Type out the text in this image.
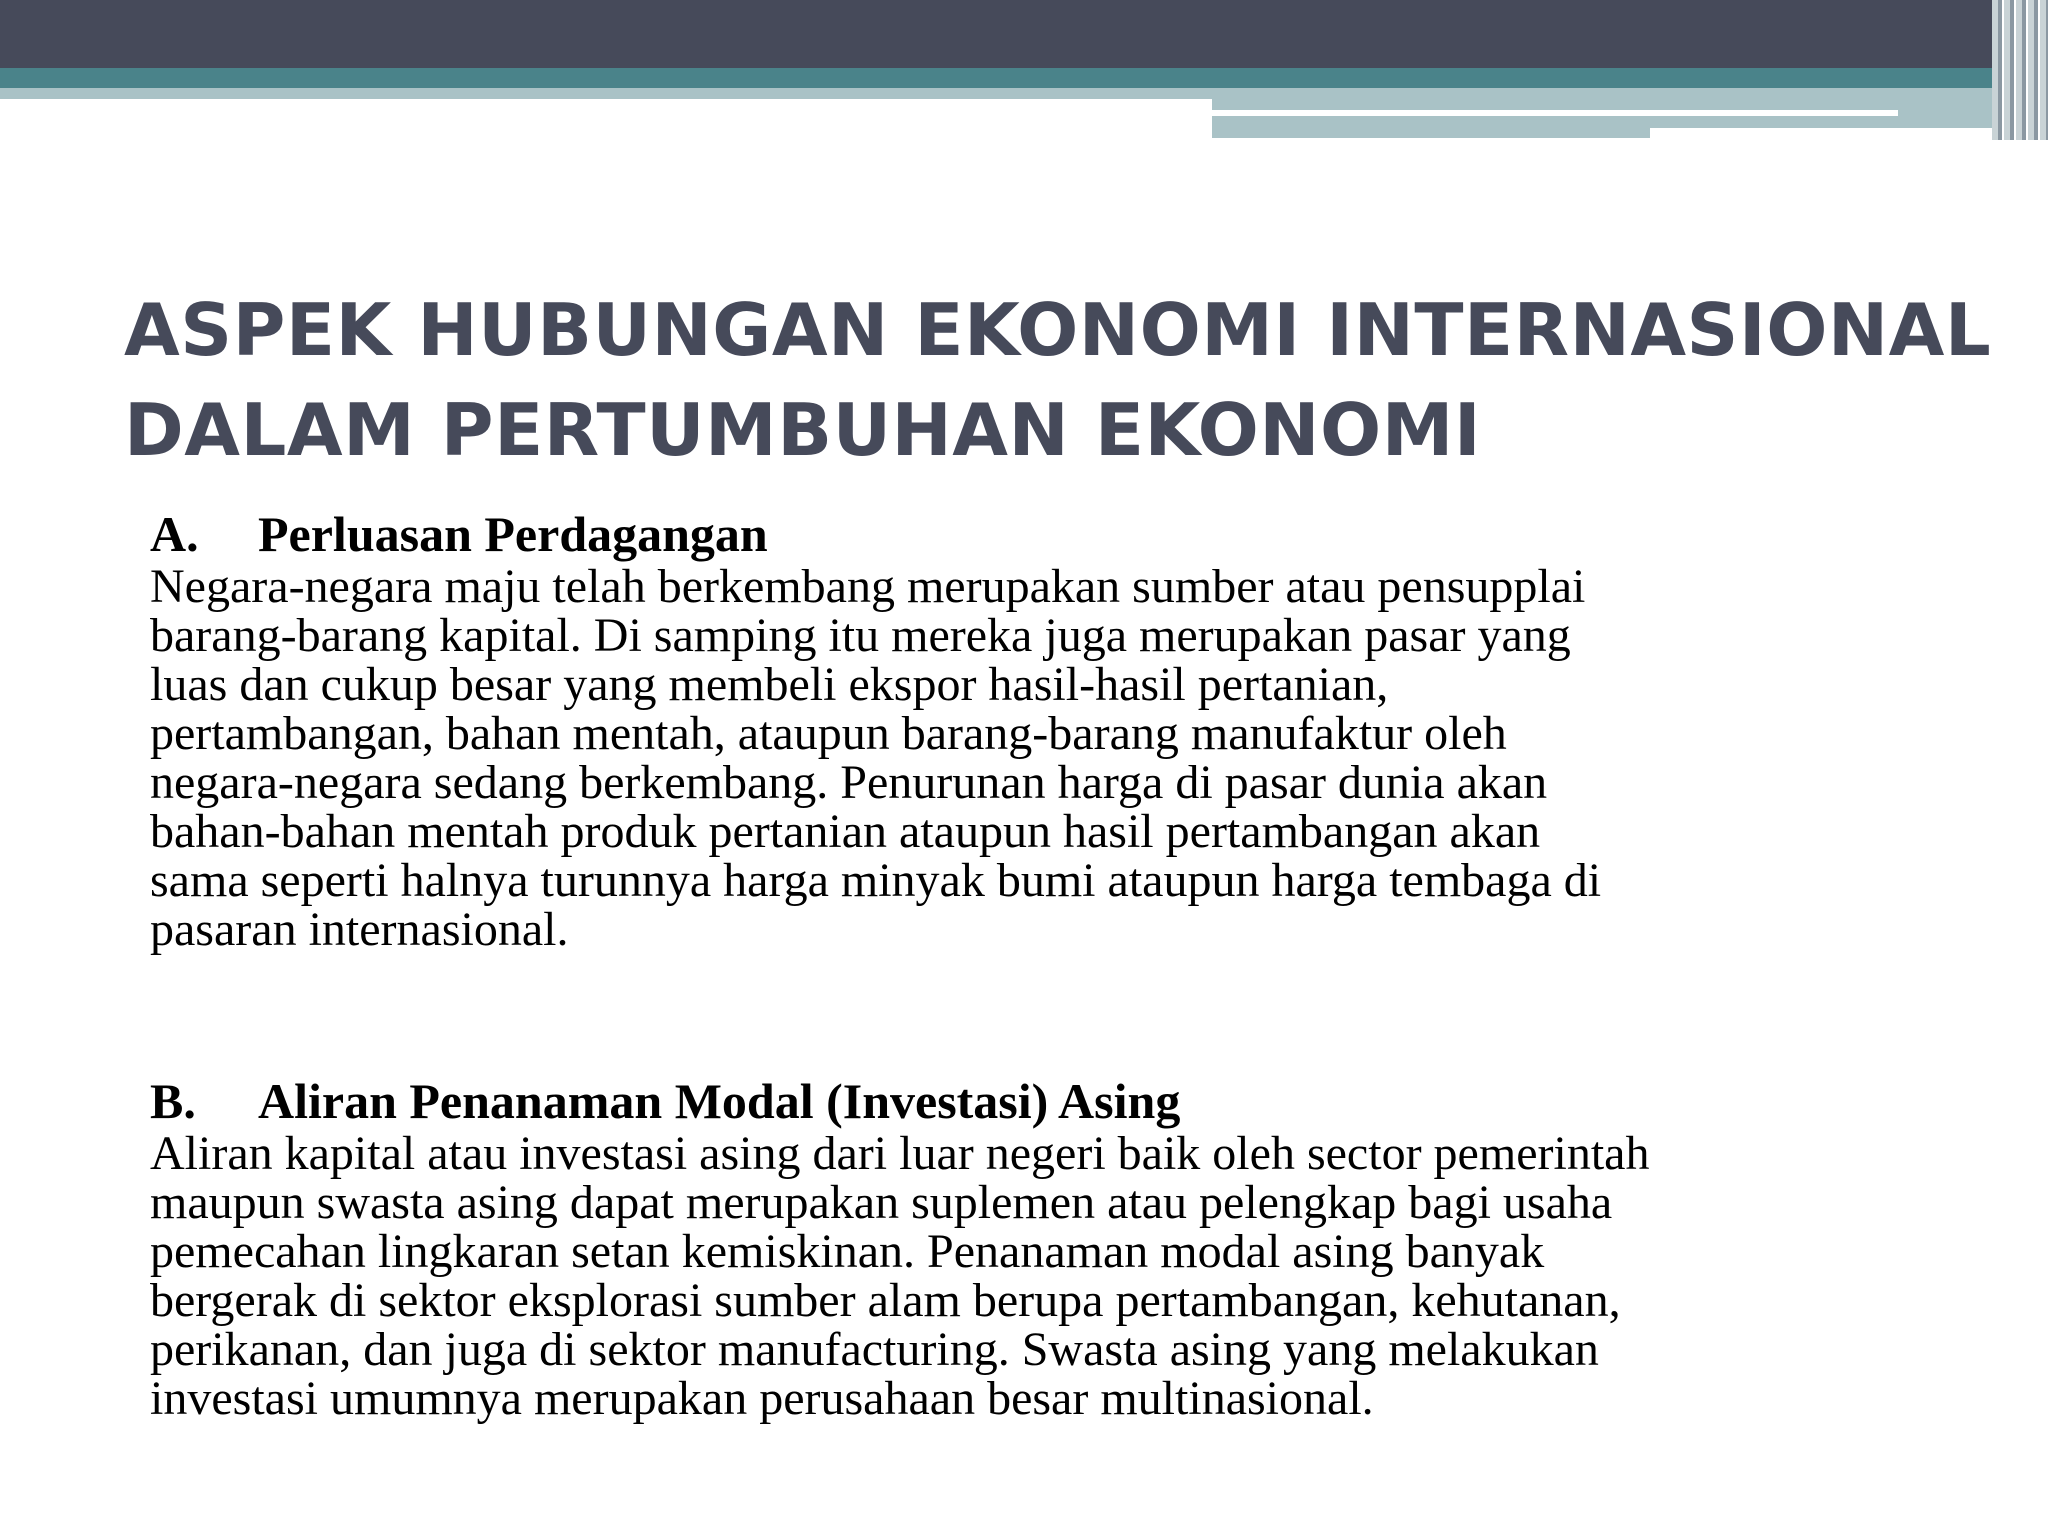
ASPEK HUBUNGAN EKONOMI INTERNASIONAL
DALAM PERTUMBUHAN EKONOMI

A. Perluasan Perdagangan

Negara-negara maju telah berkembang merupakan sumber atau pensupplai
barang-barang kapital. Di samping itu mereka juga merupakan pasar yang
luas dan cukup besar yang membeli ekspor hasil-hasil pertanian,
pertambangan, bahan mentah, ataupun barang-barang manufaktur oleh
negara-negara sedang berkembang. Penurunan harga di pasar dunia akan
bahan-bahan mentah produk pertanian ataupun hasil pertambangan akan
sama seperti halnya turunnya harga minyak bumi ataupun harga tembaga di
pasaran internasional.

B. Aliran Penanaman Modal (Investasi) Asing

Aliran kapital atau investasi asing dari luar negeri baik oleh sector pemerintah
maupun swasta asing dapat merupakan suplemen atau pelengkap bagi usaha
pemecahan lingkaran setan kemiskinan. Penanaman modal asing banyak
bergerak di sektor eksplorasi sumber alam berupa pertambangan, kehutanan,
perikanan, dan juga di sektor manufacturing. Swasta asing yang melakukan
investasi umumnya merupakan perusahaan besar multinasional.
